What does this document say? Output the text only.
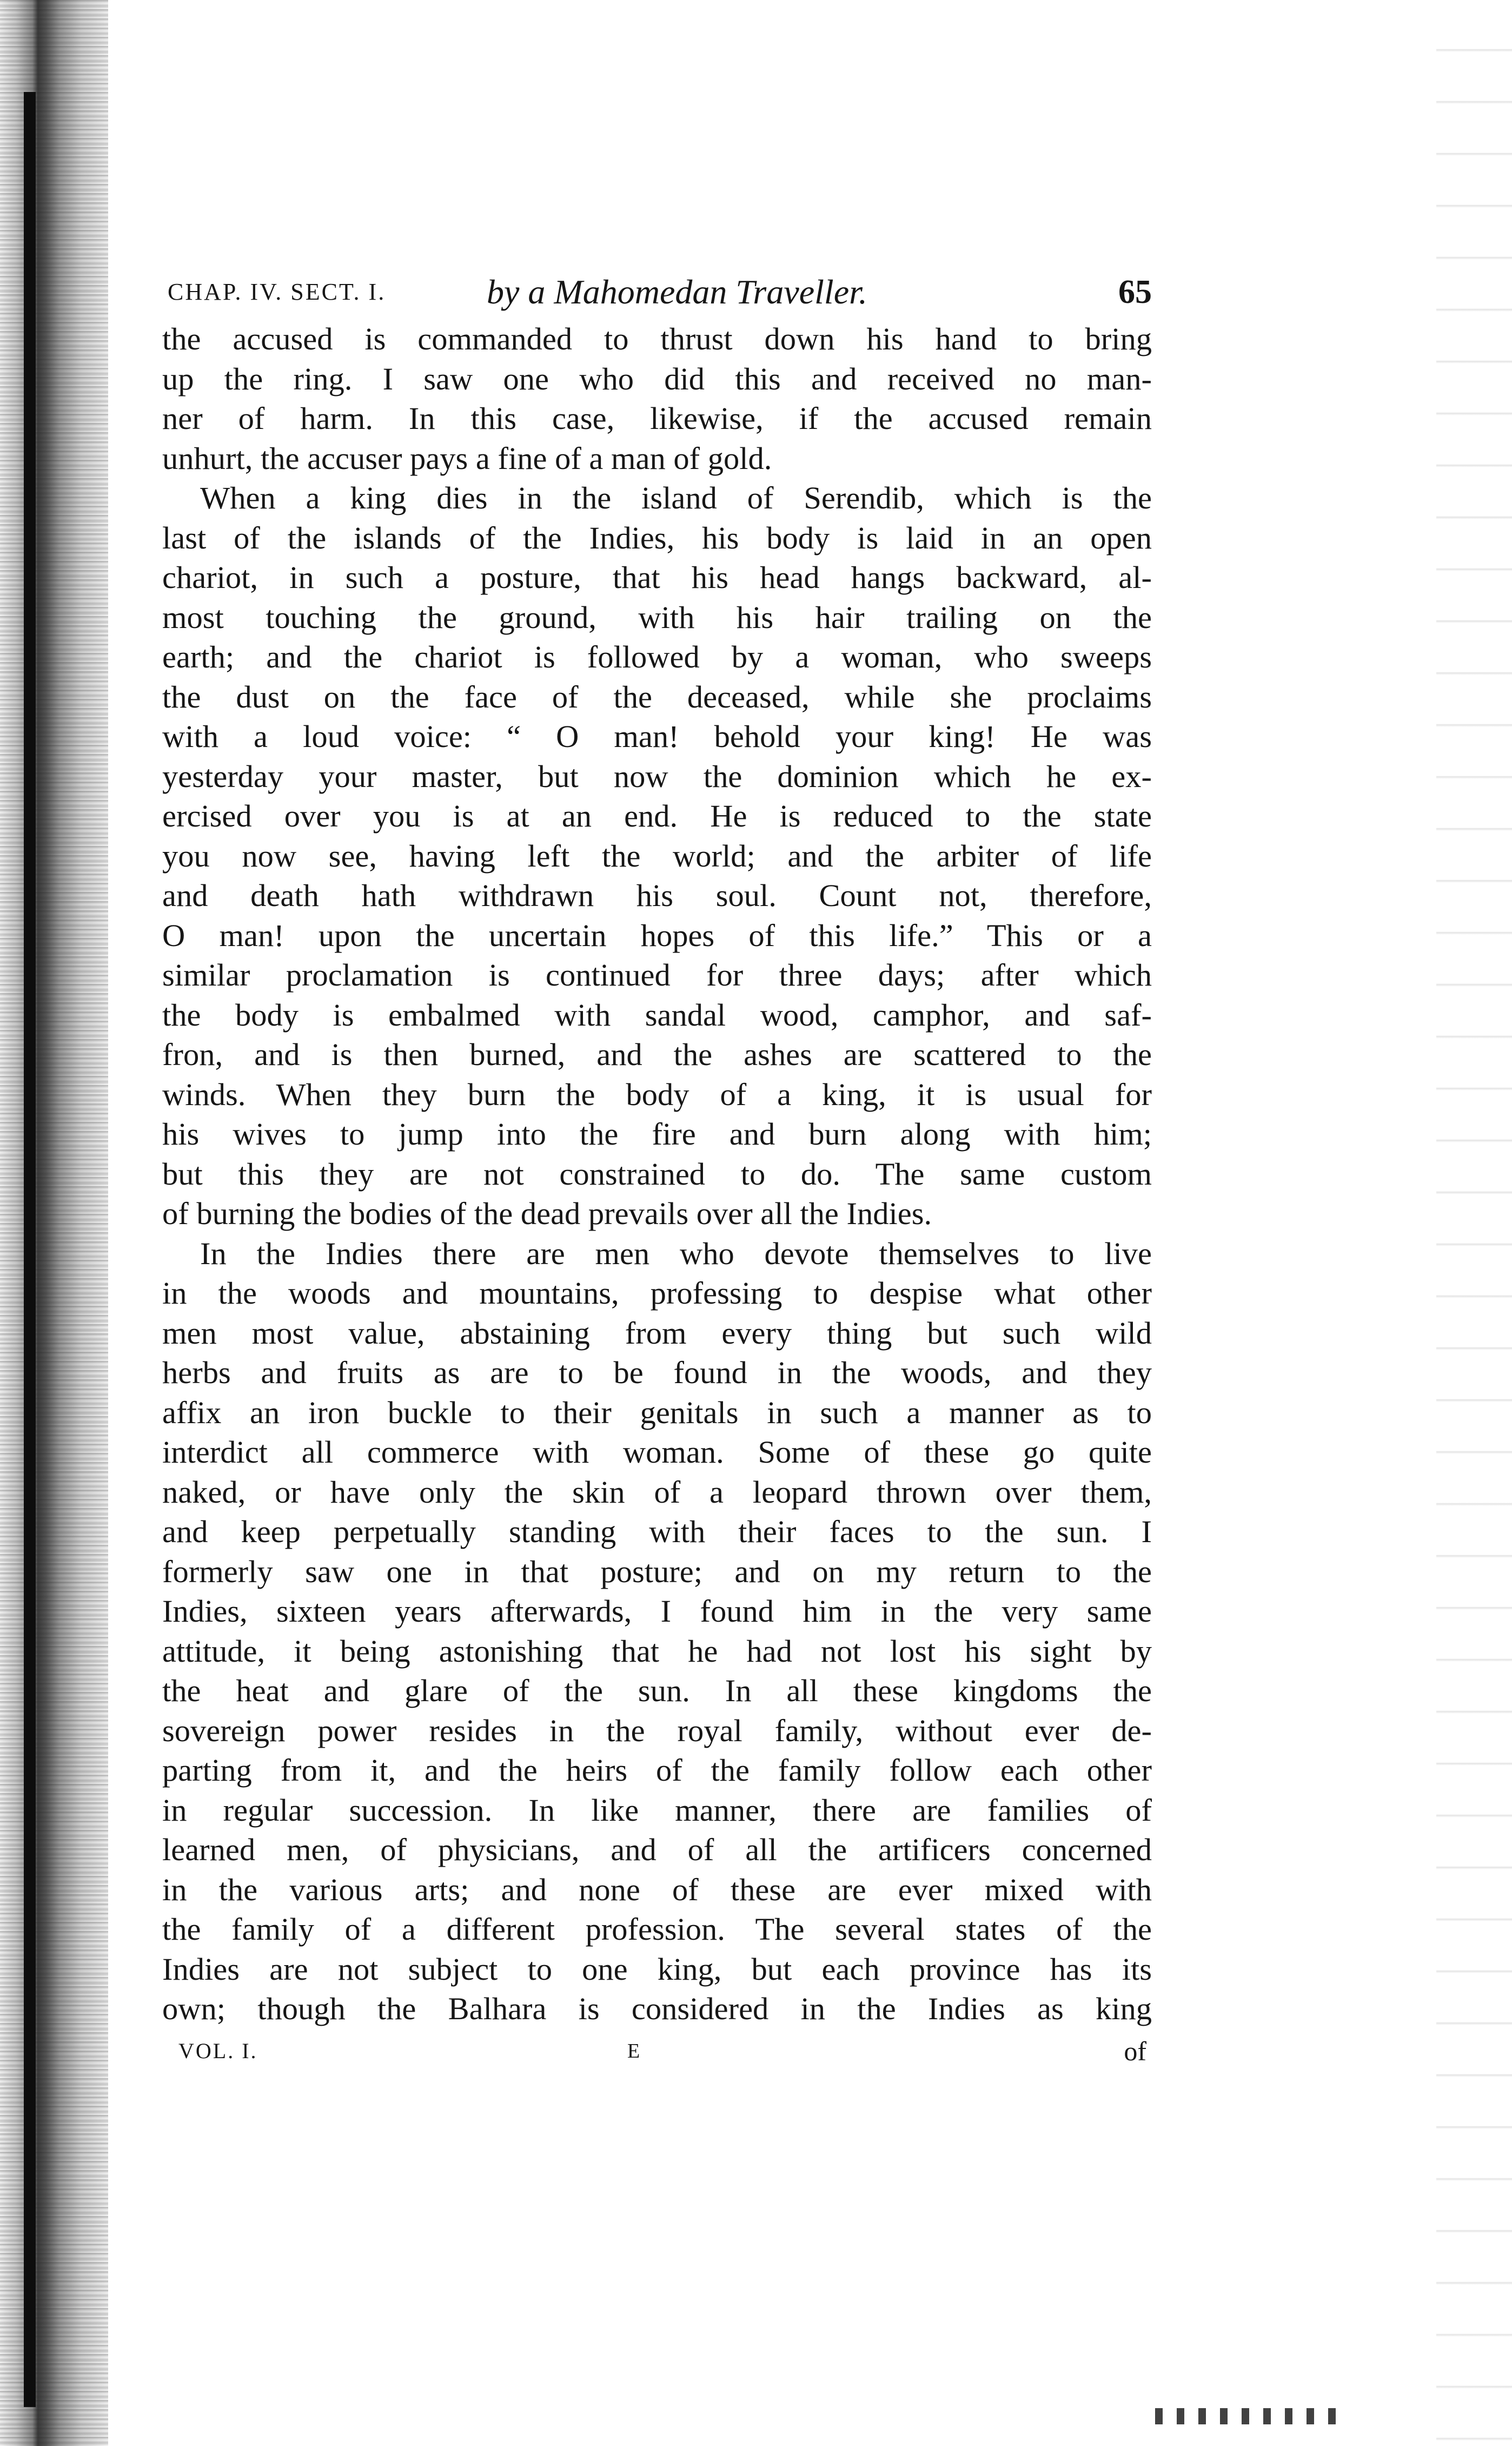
CHAP. IV. SECT. I.	by a Mahomedan Traveller.	65
the accused is commanded to thrust down his hand to bring
up the ring. I saw one who did this and received no man-
ner of harm. In this case, likewise, if the accused remain
unhurt, the accuser pays a fine of a man of gold.
When a king dies in the island of Serendib, which is the
last of the islands of the Indies, his body is laid in an open
chariot, in such a posture, that his head hangs backward, al-
most touching the ground, with his hair trailing on the
earth; and the chariot is followed by a woman, who sweeps
the dust on the face of the deceased, while she proclaims
with a loud voice: “ O man! behold your king! He was
yesterday your master, but now the dominion which he ex-
ercised over you is at an end. He is reduced to the state
you now see, having left the world; and the arbiter of life
and death hath withdrawn his soul. Count not, therefore,
O man! upon the uncertain hopes of this life.” This or a
similar proclamation is continued for three days; after which
the body is embalmed with sandal wood, camphor, and saf-
fron, and is then burned, and the ashes are scattered to the
winds. When they burn the body of a king, it is usual for
his wives to jump into the fire and burn along with him;
but this they are not constrained to do. The same custom
of burning the bodies of the dead prevails over all the Indies.
In the Indies there are men who devote themselves to live
in the woods and mountains, professing to despise what other
men most value, abstaining from every thing but such wild
herbs and fruits as are to be found in the woods, and they
affix an iron buckle to their genitals in such a manner as to
interdict all commerce with woman. Some of these go quite
naked, or have only the skin of a leopard thrown over them,
and keep perpetually standing with their faces to the sun. I
formerly saw one in that posture; and on my return to the
Indies, sixteen years afterwards, I found him in the very same
attitude, it being astonishing that he had not lost his sight by
the heat and glare of the sun. In all these kingdoms the
sovereign power resides in the royal family, without ever de-
parting from it, and the heirs of the family follow each other
in regular succession. In like manner, there are families of
learned men, of physicians, and of all the artificers concerned
in the various arts; and none of these are ever mixed with
the family of a different profession. The several states of the
Indies are not subject to one king, but each province has its
own; though the Balhara is considered in the Indies as king
VOL. I.	E	of
